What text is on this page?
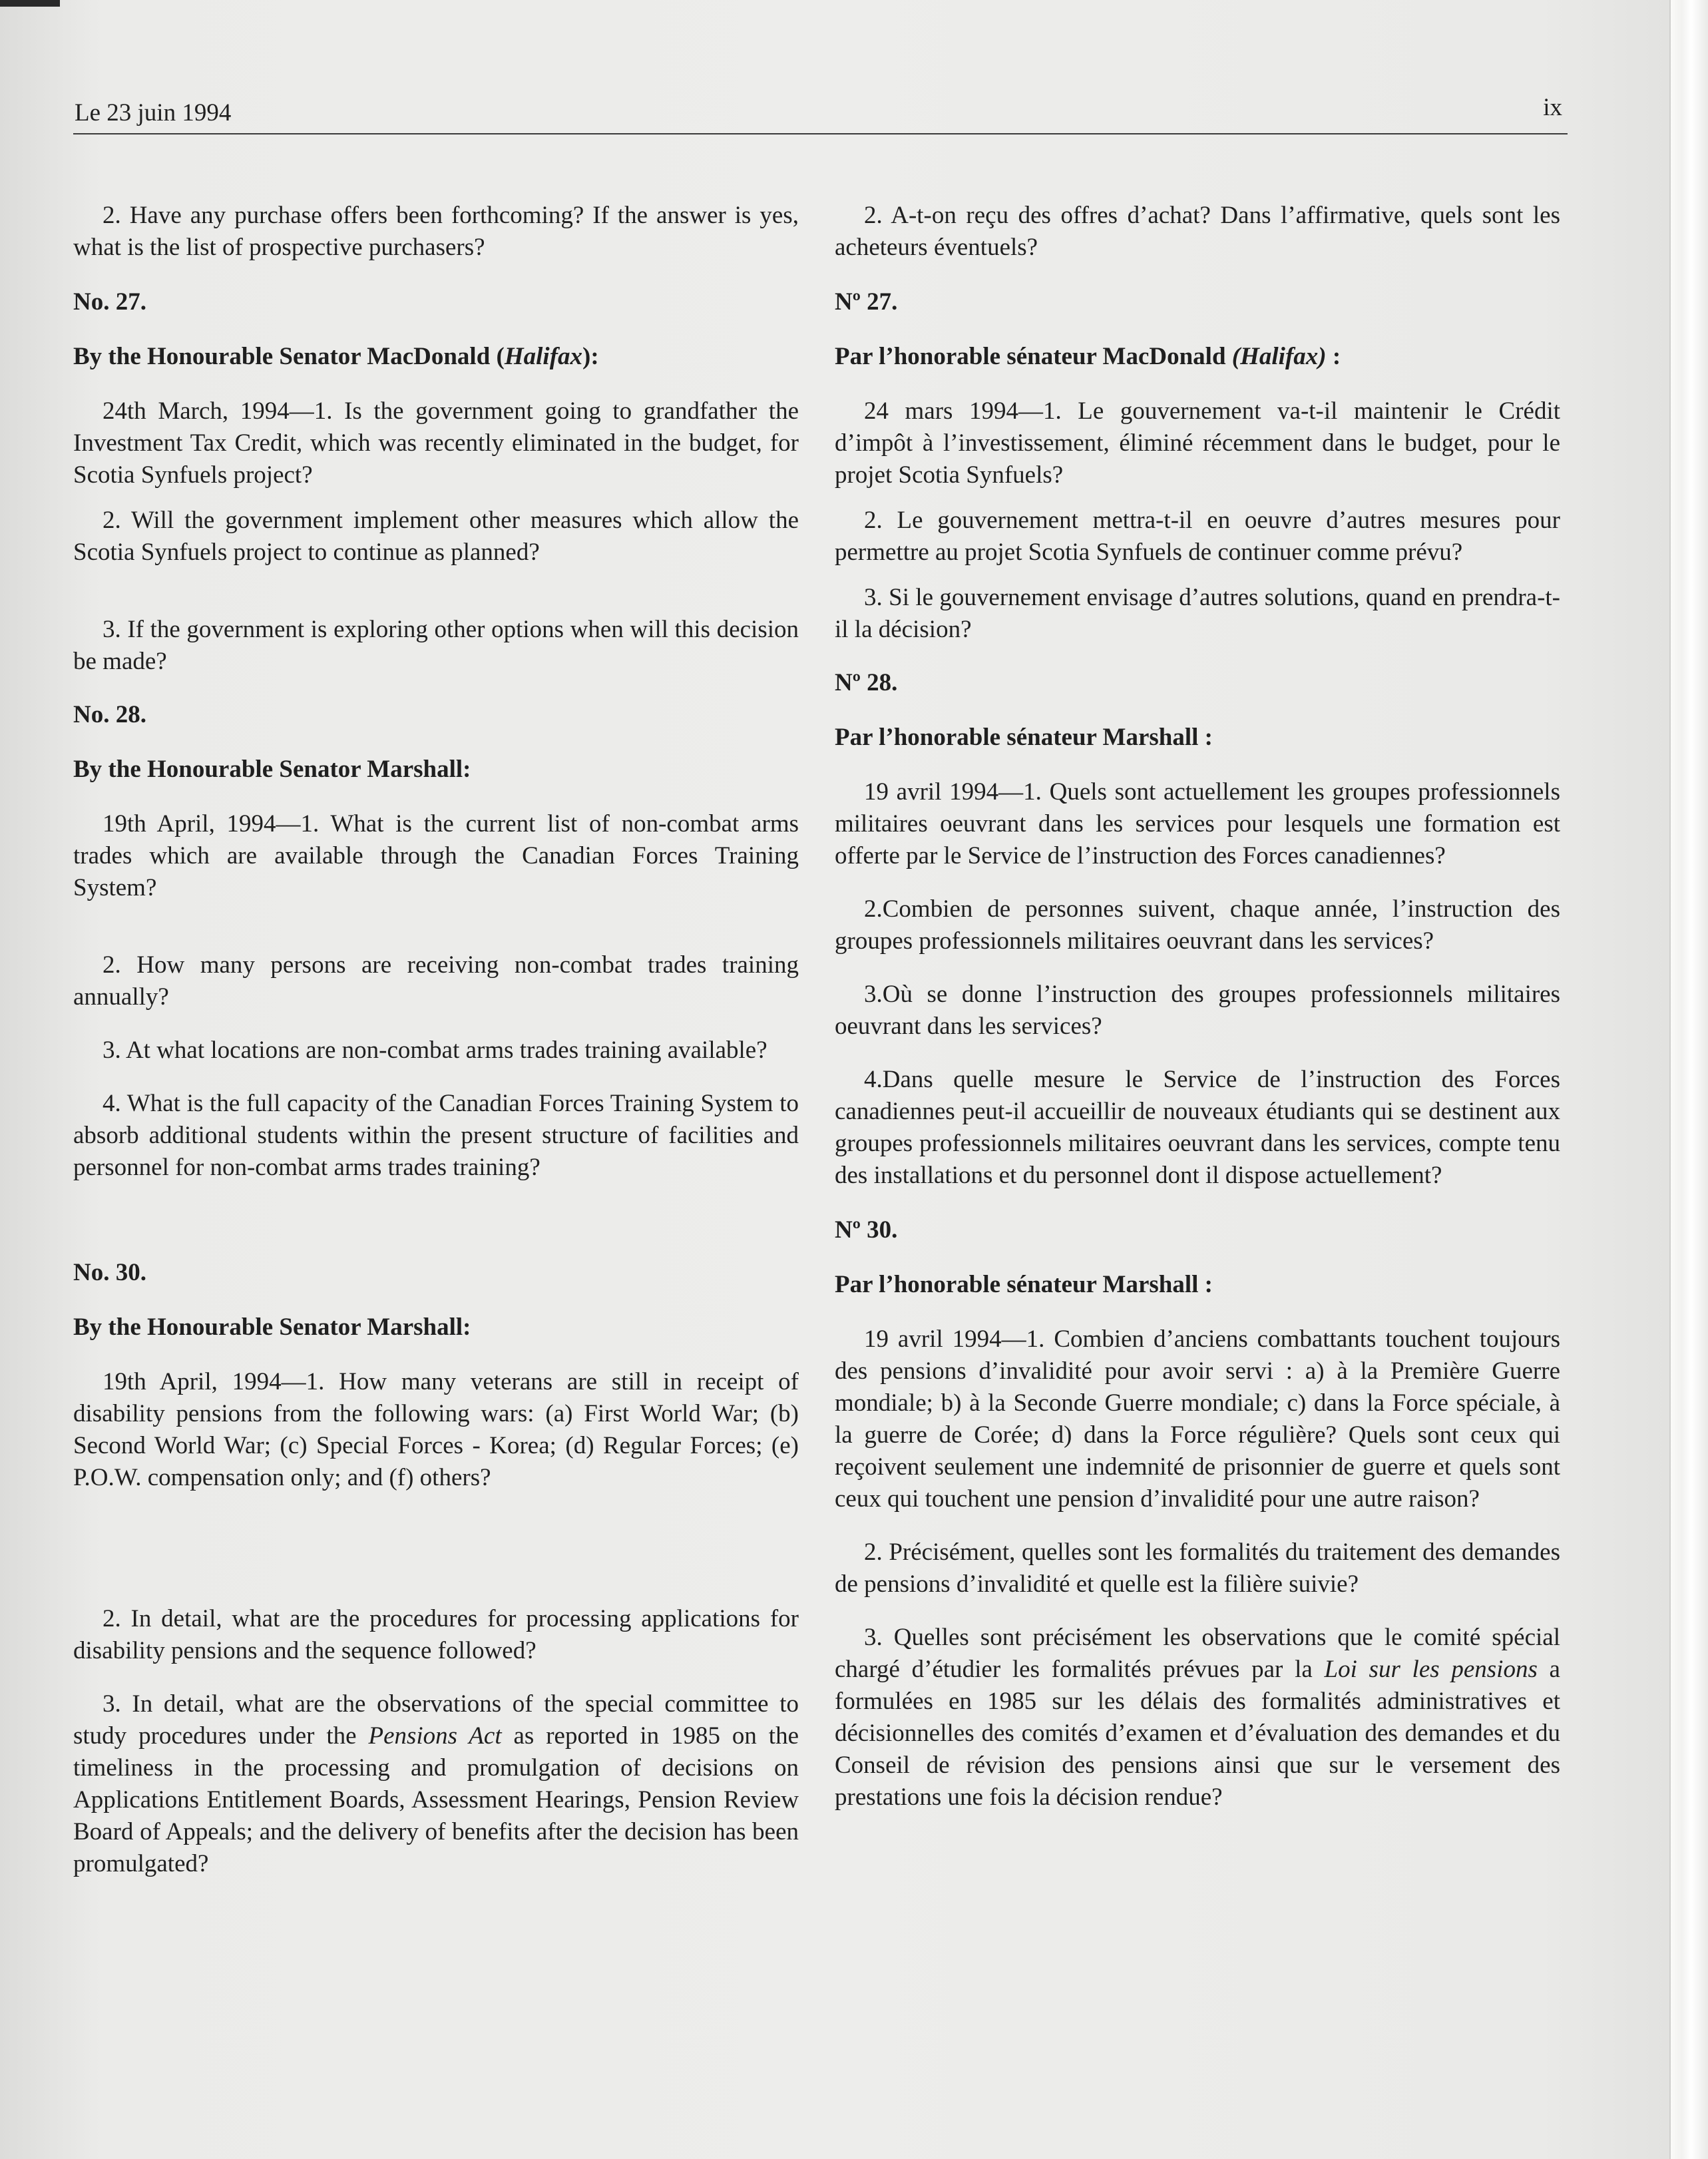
Le 23 juin 1994	ix

2. Have any purchase offers been forthcoming? If the answer is yes, what is the list of prospective purchasers?

No. 27.

By the Honourable Senator MacDonald (Halifax):

24th March, 1994—1. Is the government going to grandfather the Investment Tax Credit, which was recently eliminated in the budget, for Scotia Synfuels project?

2. Will the government implement other measures which allow the Scotia Synfuels project to continue as planned?

3. If the government is exploring other options when will this decision be made?

No. 28.

By the Honourable Senator Marshall:

19th April, 1994—1. What is the current list of non-combat arms trades which are available through the Canadian Forces Training System?

2. How many persons are receiving non-combat trades training annually?

3. At what locations are non-combat arms trades training available?

4. What is the full capacity of the Canadian Forces Training System to absorb additional students within the present structure of facilities and personnel for non-combat arms trades training?

No. 30.

By the Honourable Senator Marshall:

19th April, 1994—1. How many veterans are still in receipt of disability pensions from the following wars: (a) First World War; (b) Second World War; (c) Special Forces - Korea; (d) Regular Forces; (e) P.O.W. compensation only; and (f) others?

2. In detail, what are the procedures for processing applications for disability pensions and the sequence followed?

3. In detail, what are the observations of the special committee to study procedures under the Pensions Act as reported in 1985 on the timeliness in the processing and promulgation of decisions on Applications Entitlement Boards, Assessment Hearings, Pension Review Board of Appeals; and the delivery of benefits after the decision has been promulgated?

2. A-t-on reçu des offres d’achat? Dans l’affirmative, quels sont les acheteurs éventuels?

Nº 27.

Par l’honorable sénateur MacDonald (Halifax) :

24 mars 1994—1. Le gouvernement va-t-il maintenir le Crédit d’impôt à l’investissement, éliminé récemment dans le budget, pour le projet Scotia Synfuels?

2. Le gouvernement mettra-t-il en oeuvre d’autres mesures pour permettre au projet Scotia Synfuels de continuer comme prévu?

3. Si le gouvernement envisage d’autres solutions, quand en prendra-t-il la décision?

Nº 28.

Par l’honorable sénateur Marshall :

19 avril 1994—1. Quels sont actuellement les groupes professionnels militaires oeuvrant dans les services pour lesquels une formation est offerte par le Service de l’instruction des Forces canadiennes?

2.Combien de personnes suivent, chaque année, l’instruction des groupes professionnels militaires oeuvrant dans les services?

3.Où se donne l’instruction des groupes professionnels militaires oeuvrant dans les services?

4.Dans quelle mesure le Service de l’instruction des Forces canadiennes peut-il accueillir de nouveaux étudiants qui se destinent aux groupes professionnels militaires oeuvrant dans les services, compte tenu des installations et du personnel dont il dispose actuellement?

Nº 30.

Par l’honorable sénateur Marshall :

19 avril 1994—1. Combien d’anciens combattants touchent toujours des pensions d’invalidité pour avoir servi : a) à la Première Guerre mondiale; b) à la Seconde Guerre mondiale; c) dans la Force spéciale, à la guerre de Corée; d) dans la Force régulière? Quels sont ceux qui reçoivent seulement une indemnité de prisonnier de guerre et quels sont ceux qui touchent une pension d’invalidité pour une autre raison?

2. Précisément, quelles sont les formalités du traitement des demandes de pensions d’invalidité et quelle est la filière suivie?

3. Quelles sont précisément les observations que le comité spécial chargé d’étudier les formalités prévues par la Loi sur les pensions a formulées en 1985 sur les délais des formalités administratives et décisionnelles des comités d’examen et d’évaluation des demandes et du Conseil de révision des pensions ainsi que sur le versement des prestations une fois la décision rendue?
